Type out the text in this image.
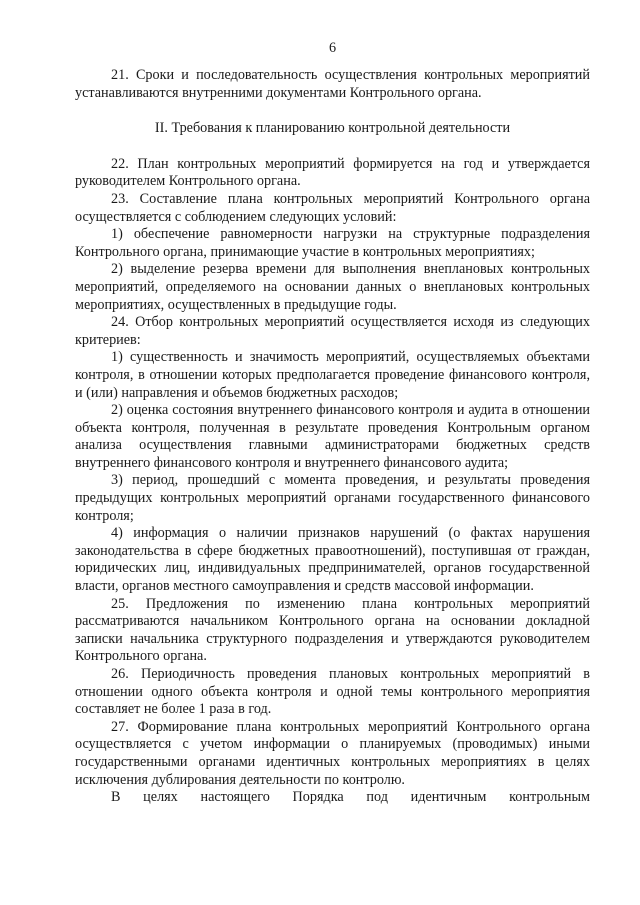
6

21. Сроки и последовательность осуществления контрольных мероприятий устанавливаются внутренними документами Контрольного органа.

II. Требования к планированию контрольной деятельности

22. План контрольных мероприятий формируется на год и утверждается руководителем Контрольного органа.

23. Составление плана контрольных мероприятий Контрольного органа осуществляется с соблюдением следующих условий:

1) обеспечение равномерности нагрузки на структурные подразделения Контрольного органа, принимающие участие в контрольных мероприятиях;

2) выделение резерва времени для выполнения внеплановых контрольных мероприятий, определяемого на основании данных о внеплановых контрольных мероприятиях, осуществленных в предыдущие годы.

24. Отбор контрольных мероприятий осуществляется исходя из следующих критериев:

1) существенность и значимость мероприятий, осуществляемых объектами контроля, в отношении которых предполагается проведение финансового контроля, и (или) направления и объемов бюджетных расходов;

2) оценка состояния внутреннего финансового контроля и аудита в отношении объекта контроля, полученная в результате проведения Контрольным органом анализа осуществления главными администраторами бюджетных средств внутреннего финансового контроля и внутреннего финансового аудита;

3) период, прошедший с момента проведения, и результаты проведения предыдущих контрольных мероприятий органами государственного финансового контроля;

4) информация о наличии признаков нарушений (о фактах нарушения законодательства в сфере бюджетных правоотношений), поступившая от граждан, юридических лиц, индивидуальных предпринимателей, органов государственной власти, органов местного самоуправления и средств массовой информации.

25. Предложения по изменению плана контрольных мероприятий рассматриваются начальником Контрольного органа на основании докладной записки начальника структурного подразделения и утверждаются руководителем Контрольного органа.

26. Периодичность проведения плановых контрольных мероприятий в отношении одного объекта контроля и одной темы контрольного мероприятия составляет не более 1 раза в год.

27. Формирование плана контрольных мероприятий Контрольного органа осуществляется с учетом информации о планируемых (проводимых) иными государственными органами идентичных контрольных мероприятиях в целях исключения дублирования деятельности по контролю.

В целях настоящего Порядка под идентичным контрольным
